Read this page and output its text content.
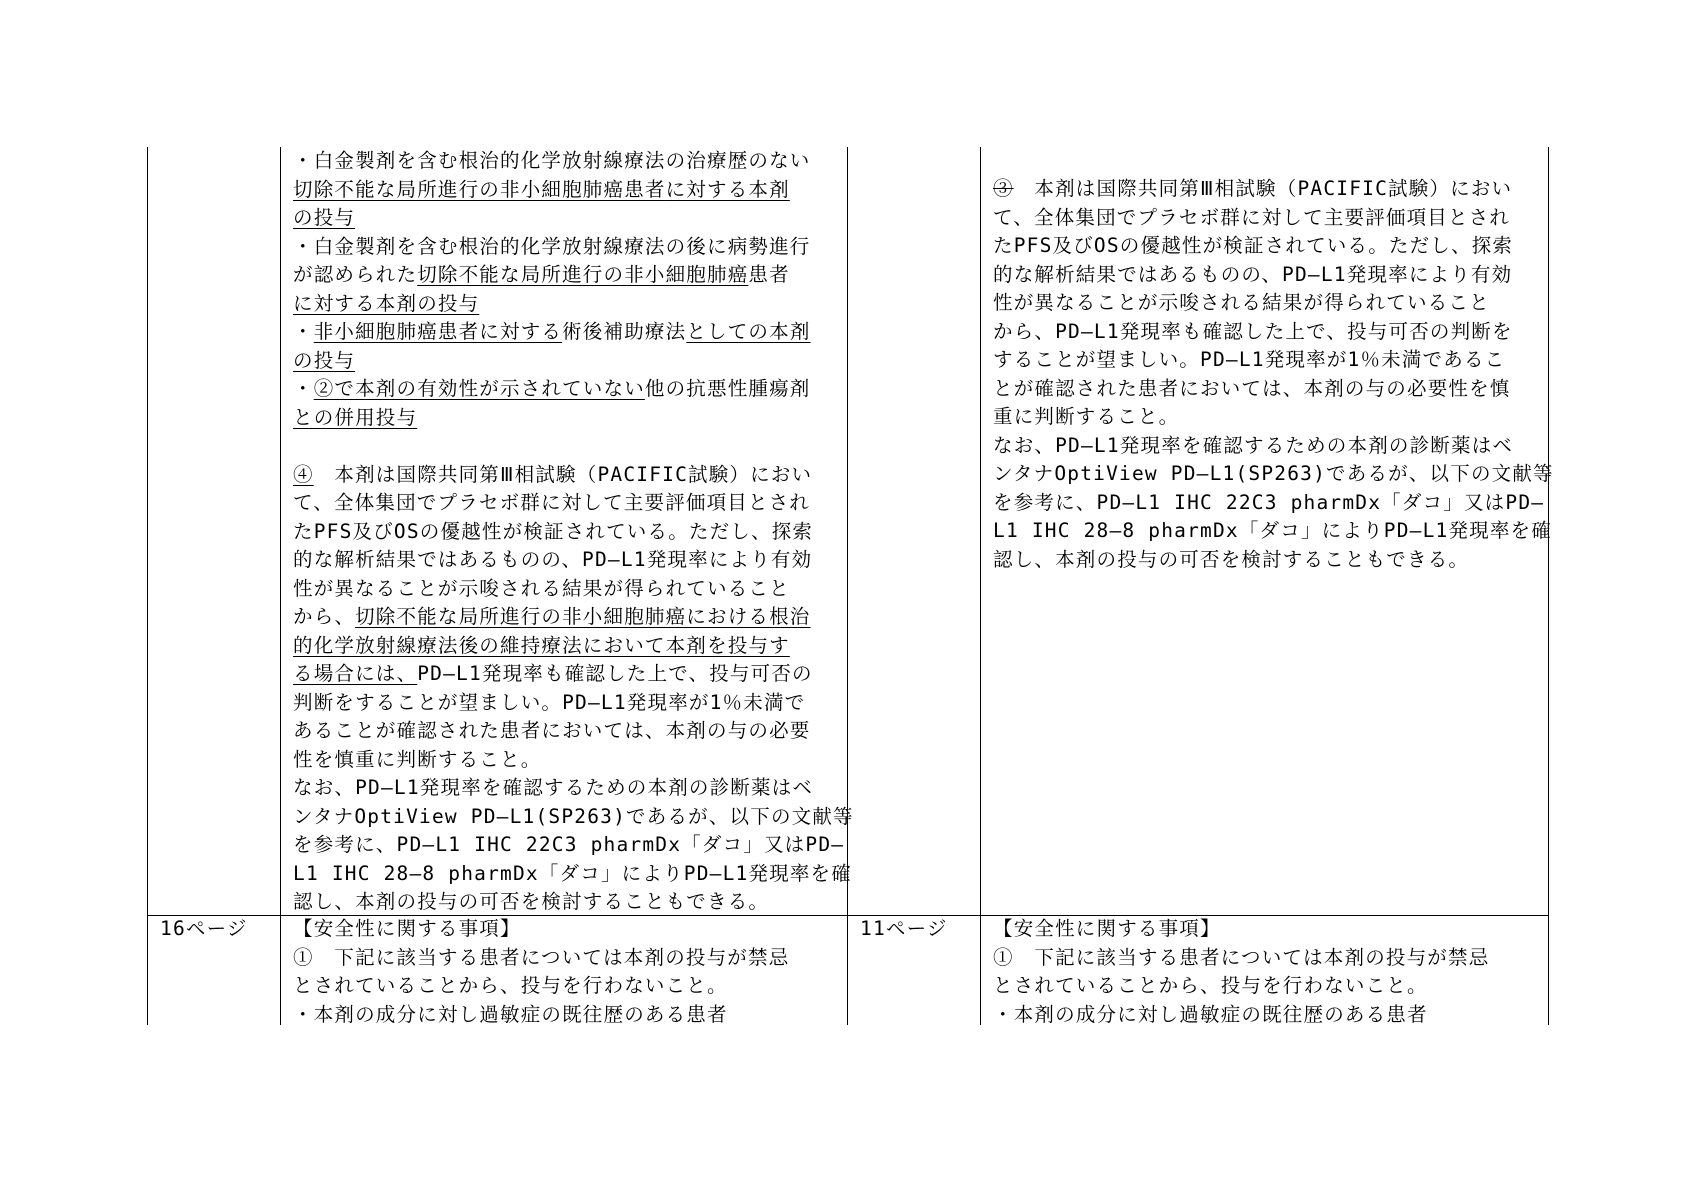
・白金製剤を含む根治的化学放射線療法の治療歴のない
切除不能な局所進行の非小細胞肺癌患者に対する本剤
の投与
・白金製剤を含む根治的化学放射線療法の後に病勢進行
が認められた切除不能な局所進行の非小細胞肺癌患者
に対する本剤の投与
・非小細胞肺癌患者に対する術後補助療法としての本剤
の投与
・②で本剤の有効性が示されていない他の抗悪性腫瘍剤
との併用投与

④　本剤は国際共同第Ⅲ相試験（PACIFIC試験）におい
て、全体集団でプラセボ群に対して主要評価項目とされ
たPFS及びOSの優越性が検証されている。ただし、探索
的な解析結果ではあるものの、PD—L1発現率により有効
性が異なることが示唆される結果が得られていること
から、切除不能な局所進行の非小細胞肺癌における根治
的化学放射線療法後の維持療法において本剤を投与す
る場合には、PD—L1発現率も確認した上で、投与可否の
判断をすることが望ましい。PD—L1発現率が1％未満で
あることが確認された患者においては、本剤の与の必要
性を慎重に判断すること。
なお、PD—L1発現率を確認するための本剤の診断薬はベ
ンタナOptiView PD—L1(SP263)であるが、以下の文献等
を参考に、PD—L1 IHC 22C3 pharmDx「ダコ」又はPD—
L1 IHC 28—8 pharmDx「ダコ」によりPD—L1発現率を確
認し、本剤の投与の可否を検討することもできる。
【安全性に関する事項】
①　下記に該当する患者については本剤の投与が禁忌
とされていることから、投与を行わないこと。
・本剤の成分に対し過敏症の既往歴のある患者
16ページ
③　本剤は国際共同第Ⅲ相試験（PACIFIC試験）におい
て、全体集団でプラセボ群に対して主要評価項目とされ
たPFS及びOSの優越性が検証されている。ただし、探索
的な解析結果ではあるものの、PD—L1発現率により有効
性が異なることが示唆される結果が得られていること
から、PD—L1発現率も確認した上で、投与可否の判断を
することが望ましい。PD—L1発現率が1％未満であるこ
とが確認された患者においては、本剤の与の必要性を慎
重に判断すること。
なお、PD—L1発現率を確認するための本剤の診断薬はベ
ンタナOptiView PD—L1(SP263)であるが、以下の文献等
を参考に、PD—L1 IHC 22C3 pharmDx「ダコ」又はPD—
L1 IHC 28—8 pharmDx「ダコ」によりPD—L1発現率を確
認し、本剤の投与の可否を検討することもできる。
【安全性に関する事項】
①　下記に該当する患者については本剤の投与が禁忌
とされていることから、投与を行わないこと。
・本剤の成分に対し過敏症の既往歴のある患者
11ページ
